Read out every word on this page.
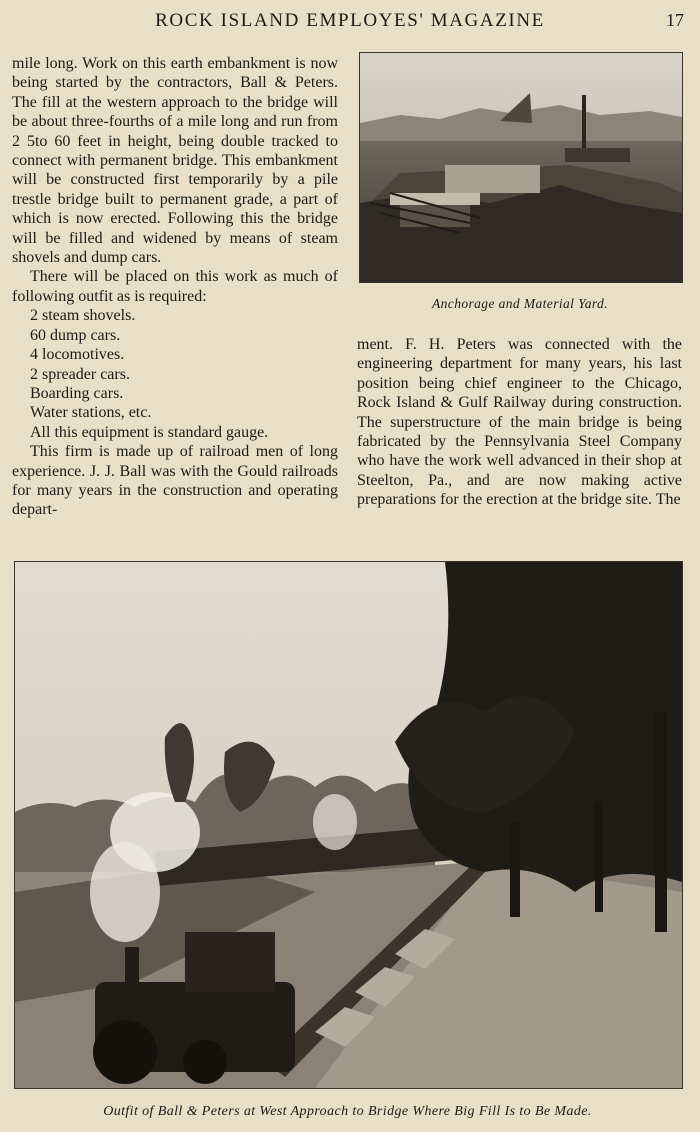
ROCK ISLAND EMPLOYES' MAGAZINE	17

mile long. Work on this earth embankment is now being started by the contractors, Ball & Peters. The fill at the western approach to the bridge will be about three-fourths of a mile long and run from 2 5to 60 feet in height, being double tracked to connect with permanent bridge. This embankment will be constructed first temporarily by a pile trestle bridge built to permanent grade, a part of which is now erected. Following this the bridge will be filled and widened by means of steam shovels and dump cars.

There will be placed on this work as much of following outfit as is required:

2 steam shovels.
60 dump cars.
4 locomotives.
2 spreader cars.
Boarding cars.
Water stations, etc.

All this equipment is standard gauge.

This firm is made up of railroad men of long experience. J. J. Ball was with the Gould railroads for many years in the construction and operating depart-

Anchorage and Material Yard.

ment. F. H. Peters was connected with the engineering department for many years, his last position being chief engineer to the Chicago, Rock Island & Gulf Railway during construction. The superstructure of the main bridge is being fabricated by the Pennsylvania Steel Company who have the work well advanced in their shop at Steelton, Pa., and are now making active preparations for the erection at the bridge site. The

Outfit of Ball & Peters at West Approach to Bridge Where Big Fill Is to Be Made.
